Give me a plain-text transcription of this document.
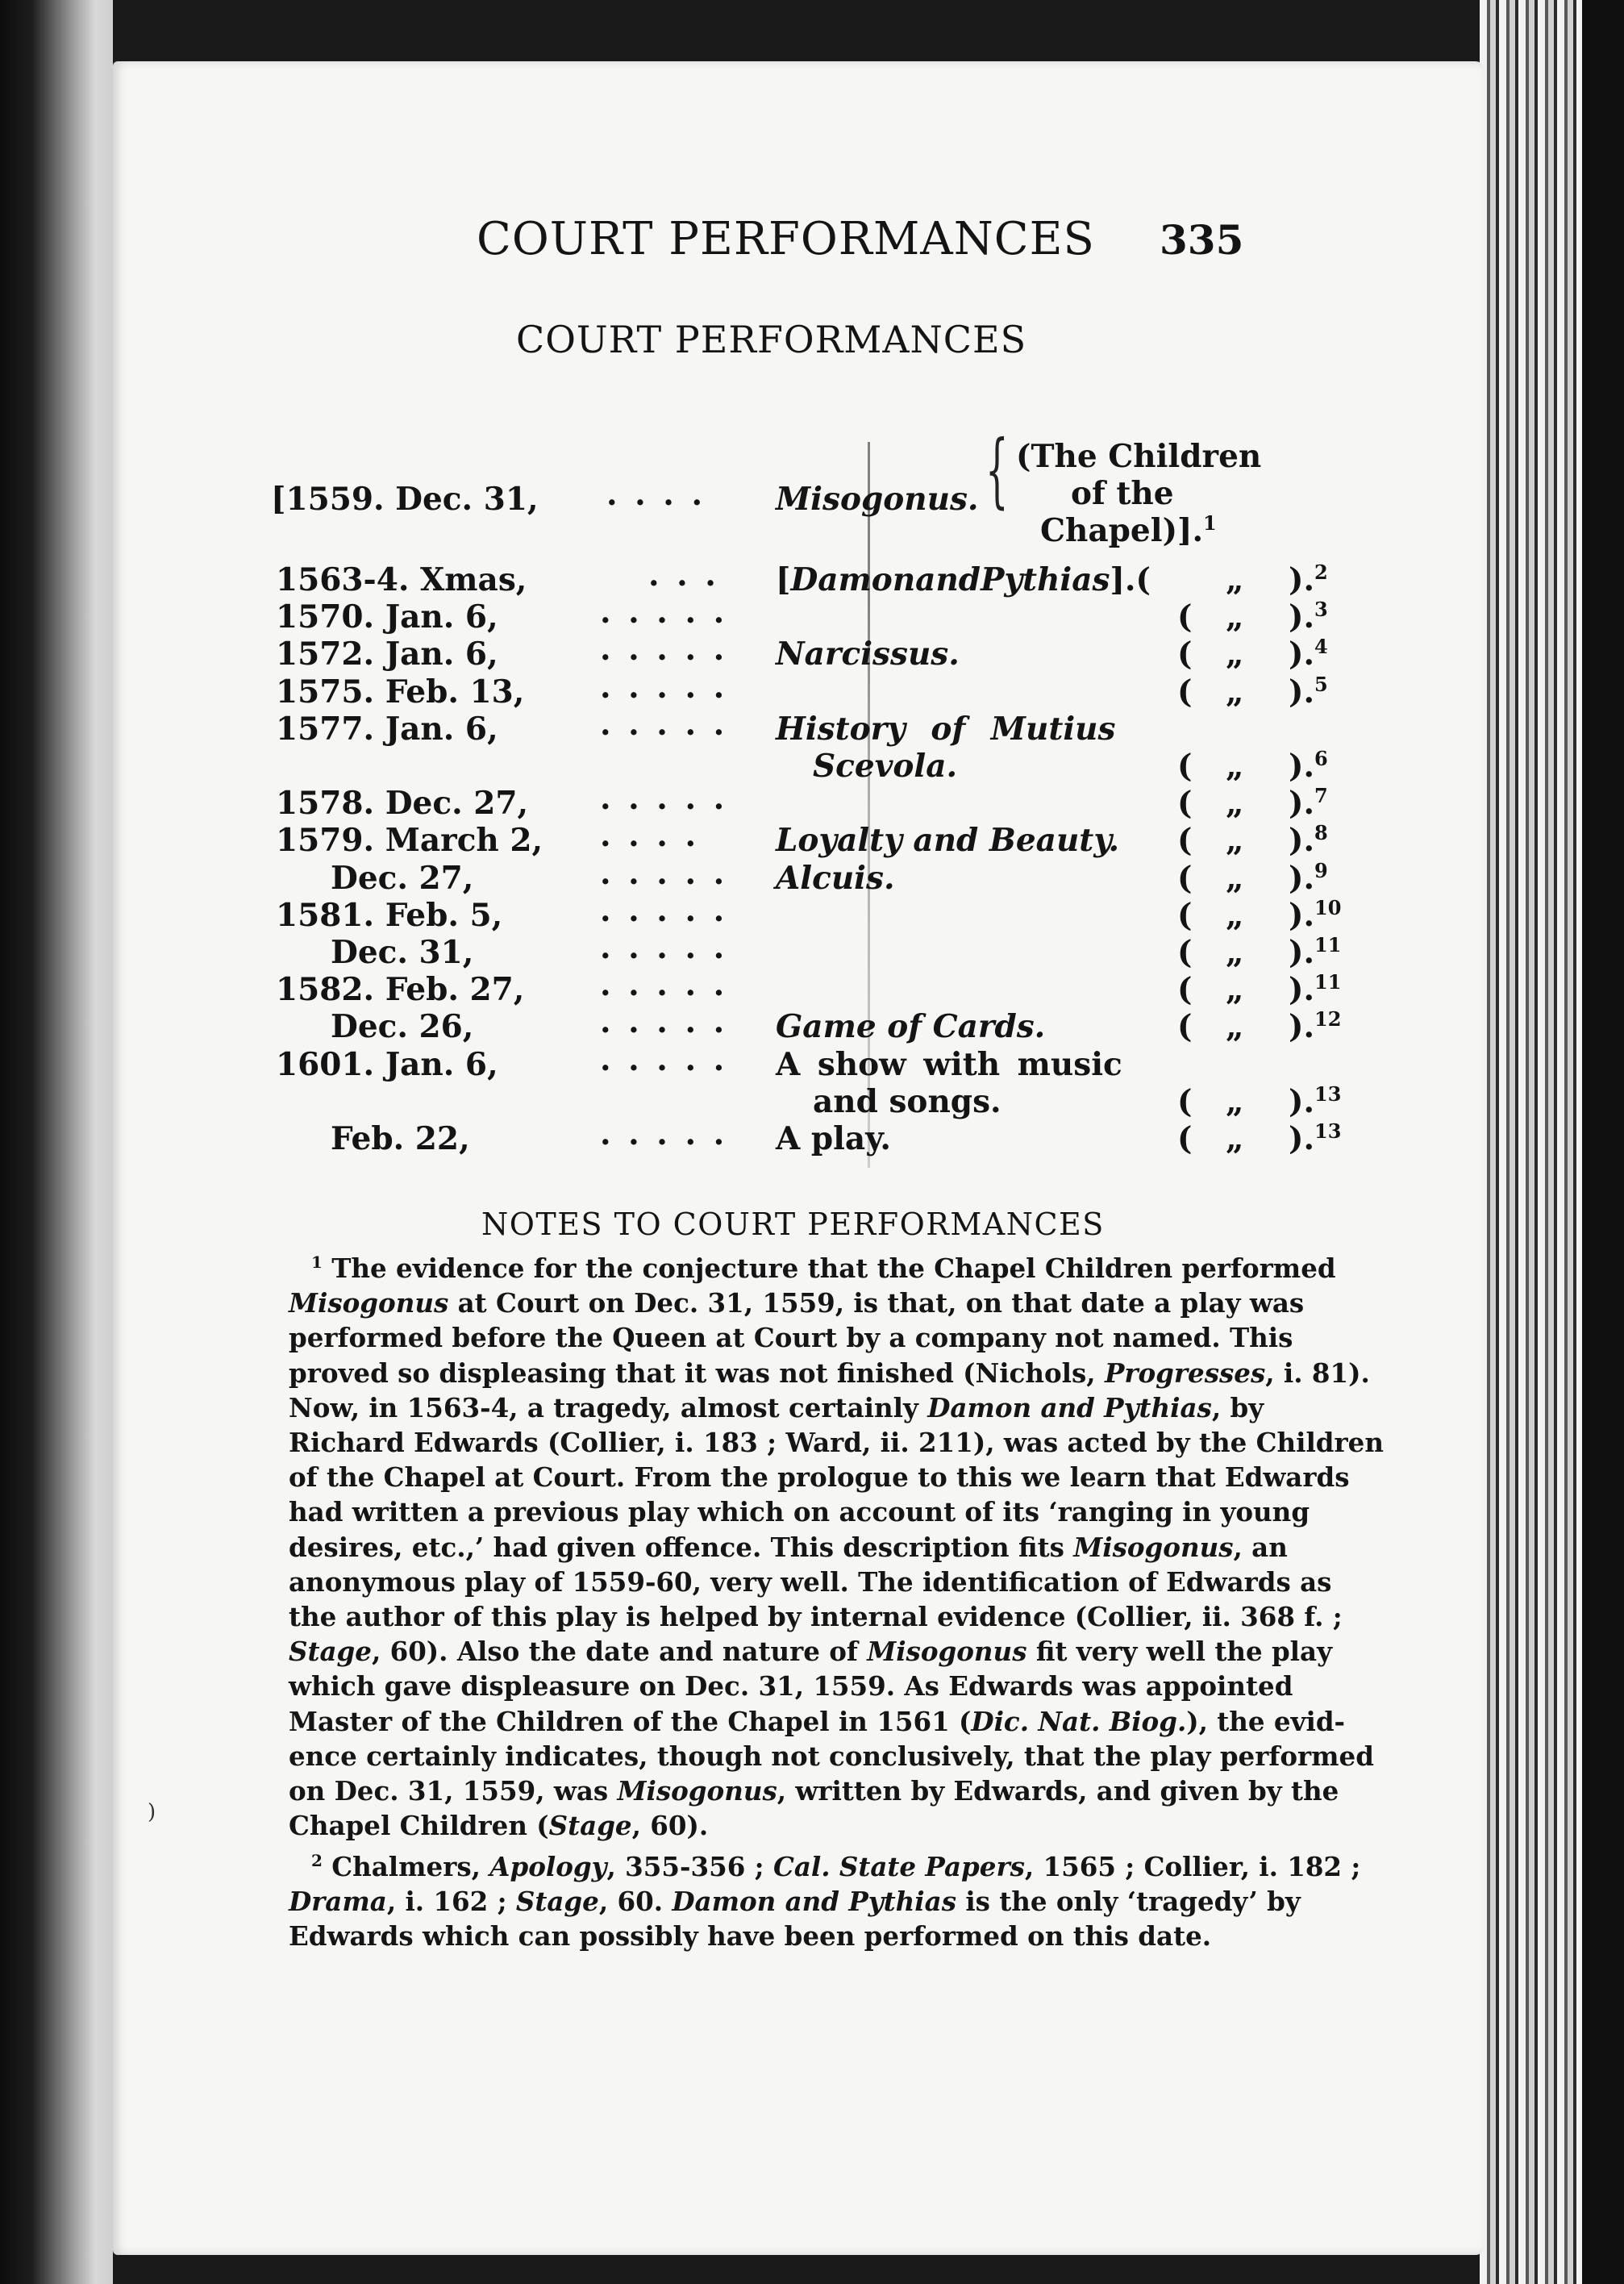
COURT PERFORMANCES 335
COURT PERFORMANCES
[1559. Dec. 31, . . . . Misogonus. { (The Children
of the
Chapel)].$^1$
1563-4. Xmas,	. . . [DamonandPythias].( „ ).$^2$
1570. Jan. 6,	. . . . .	( „ ).$^3$
1572. Jan. 6,	. . . . . Narcissus.	( „ ).$^4$
1575. Feb. 13, . . . . .	( „ ).$^5$
1577. Jan. 6,	. . . . . History of Mutius
Scevola.	( „ ).$^6$
1578. Dec. 27, . . . . .	( „ ).$^7$
1579. March 2, . . . . Loyalty and Beauty. ( „ ).$^8$
Dec. 27,	. . . . . Alcuis.	( „ ).$^9$
1581. Feb. 5,	. . . . .	( „ ).$^{10}$
Dec. 31,	. . . . .	( „ ).$^{11}$
1582. Feb. 27, . . . . .	( „ ).$^{11}$
Dec. 26,	. . . . . Game of Cards.	( „ ).$^{12}$
1601. Jan. 6,	. . . . . A show with music
and songs.	( „ ).$^{13}$
Feb. 22,	. . . . . A play.	( „ ).$^{13}$
NOTES TO COURT PERFORMANCES
$^1$ The evidence for the conjecture that the Chapel Children performed
Misogonus at Court on Dec. 31, 1559, is that, on that date a play was
performed before the Queen at Court by a company not named. This
proved so displeasing that it was not finished (Nichols, Progresses, i. 81).
Now, in 1563-4, a tragedy, almost certainly Damon and Pythias, by
Richard Edwards (Collier, i. 183 ; Ward, ii. 211), was acted by the Children
of the Chapel at Court. From the prologue to this we learn that Edwards
had written a previous play which on account of its ‘ranging in young
desires, etc.,’ had given offence. This description fits Misogonus, an
anonymous play of 1559-60, very well. The identification of Edwards as
the author of this play is helped by internal evidence (Collier, ii. 368 f. ;
Stage, 60). Also the date and nature of Misogonus fit very well the play
which gave displeasure on Dec. 31, 1559. As Edwards was appointed
Master of the Children of the Chapel in 1561 (Dic. Nat. Biog.), the evid-
ence certainly indicates, though not conclusively, that the play performed
on Dec. 31, 1559, was Misogonus, written by Edwards, and given by the
Chapel Children (Stage, 60).
$^2$ Chalmers, Apology, 355-356 ; Cal. State Papers, 1565 ; Collier, i. 182 ;
Drama, i. 162 ; Stage, 60. Damon and Pythias is the only ‘tragedy’ by
Edwards which can possibly have been performed on this date.
)
